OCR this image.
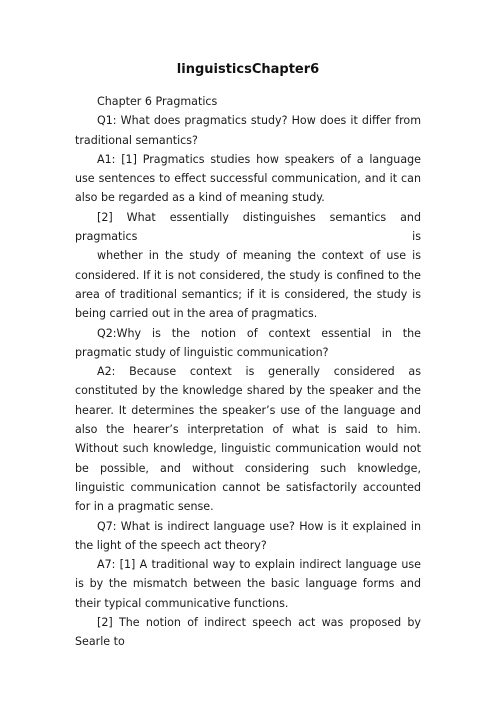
linguisticsChapter6

Chapter 6 Pragmatics

Q1: What does pragmatics study? How does it differ from traditional semantics?

A1: [1] Pragmatics studies how speakers of a language use sentences to effect successful communication, and it can also be regarded as a kind of meaning study.

[2] What essentially distinguishes semantics and pragmatics is

whether in the study of meaning the context of use is considered. If it is not considered, the study is confined to the area of traditional semantics; if it is considered, the study is being carried out in the area of pragmatics.

Q2:Why is the notion of context essential in the pragmatic study of linguistic communication?

A2: Because context is generally considered as constituted by the knowledge shared by the speaker and the hearer. It determines the speaker’s use of the language and also the hearer’s interpretation of what is said to him. Without such knowledge, linguistic communication would not be possible, and without considering such knowledge, linguistic communication cannot be satisfactorily accounted for in a pragmatic sense.

Q7: What is indirect language use? How is it explained in the light of the speech act theory?

A7: [1] A traditional way to explain indirect language use is by the mismatch between the basic language forms and their typical communicative functions.

[2] The notion of indirect speech act was proposed by Searle to
